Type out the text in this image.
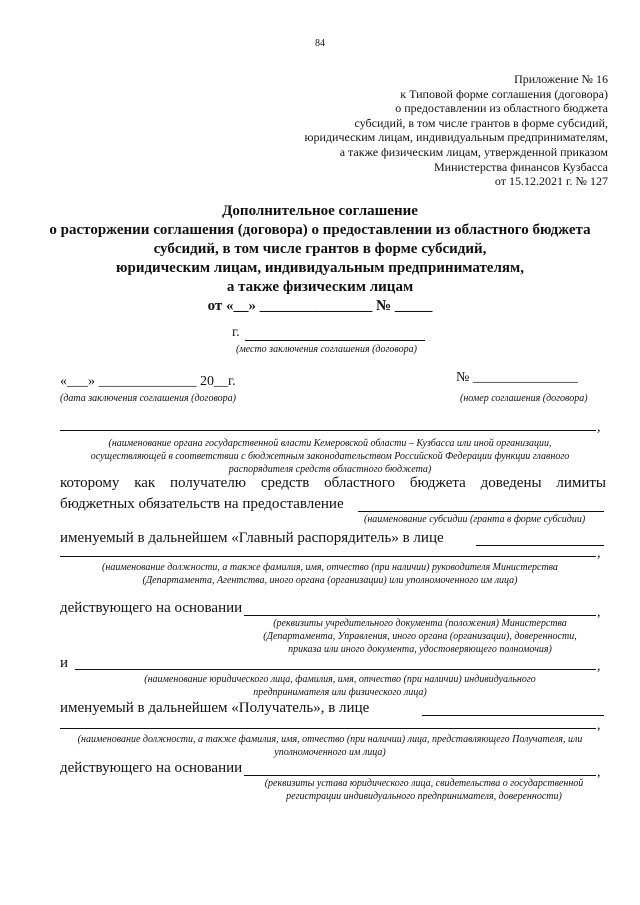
84
Приложение № 16
к Типовой форме соглашения (договора)
о предоставлении из областного бюджета
субсидий, в том числе грантов в форме субсидий,
юридическим лицам, индивидуальным предпринимателям,
а также физическим лицам, утвержденной приказом
Министерства финансов Кузбасса
от 15.12.2021 г. № 127
Дополнительное соглашение
о расторжении соглашения (договора) о предоставлении из областного бюджета
субсидий, в том числе грантов в форме субсидий,
юридическим лицам, индивидуальным предпринимателям,
а также физическим лицам
от «__» _______________ № _____
г.
(место заключения соглашения (договора)
«___» ______________ 20__г.
(дата заключения соглашения (договора)
№ _______________
(номер соглашения (договора)
,
(наименование органа государственной власти Кемеровской области – Кузбасса или иной организации,
осуществляющей в соответствии с бюджетным законодательством Российской Федерации функции главного
распорядителя средств областного бюджета)
которому как получателю средств областного бюджета доведены лимиты
бюджетных обязательств на предоставление
(наименование субсидии (гранта в форме субсидии)
именуемый в дальнейшем «Главный распорядитель» в лице
,
(наименование должности, а также фамилия, имя, отчество (при наличии) руководителя Министерства
(Департамента, Агентства, иного органа (организации) или уполномоченного им лица)
действующего на основании	,
(реквизиты учредительного документа (положения) Министерства
(Департамента, Управления, иного органа (организации), доверенности,
приказа или иного документа, удостоверяющего полномочия)
и	,
(наименование юридического лица, фамилия, имя, отчество (при наличии) индивидуального
предпринимателя или физического лица)
именуемый в дальнейшем «Получатель», в лице
,
(наименование должности, а также фамилия, имя, отчество (при наличии) лица, представляющего Получателя, или
уполномоченного им лица)
действующего на основании	,
(реквизиты устава юридического лица, свидетельства о государственной
регистрации индивидуального предпринимателя, доверенности)
